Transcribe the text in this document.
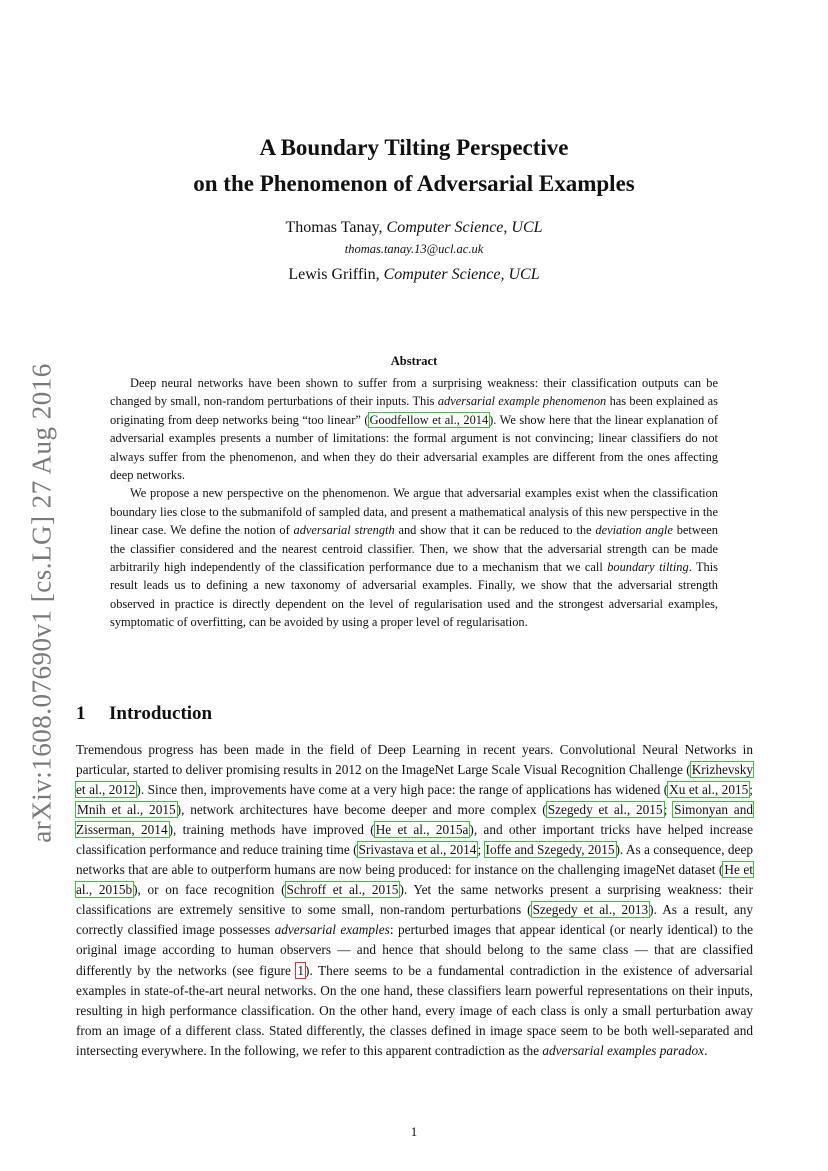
arXiv:1608.07690v1 [cs.LG] 27 Aug 2016
A Boundary Tilting Perspective
on the Phenomenon of Adversarial Examples
Thomas Tanay, Computer Science, UCL
thomas.tanay.13@ucl.ac.uk
Lewis Griffin, Computer Science, UCL
Abstract

Deep neural networks have been shown to suffer from a surprising weakness: their classification outputs can be changed by small, non-random perturbations of their inputs. This adversarial example phenomenon has been explained as originating from deep networks being “too linear” (Goodfellow et al., 2014). We show here that the linear explanation of adversarial examples presents a number of limitations: the formal argument is not convincing; linear classifiers do not always suffer from the phenomenon, and when they do their adversarial examples are different from the ones affecting deep networks.

We propose a new perspective on the phenomenon. We argue that adversarial examples exist when the classification boundary lies close to the submanifold of sampled data, and present a mathematical analysis of this new perspective in the linear case. We define the notion of adversarial strength and show that it can be reduced to the deviation angle between the classifier considered and the nearest centroid classifier. Then, we show that the adversarial strength can be made arbitrarily high independently of the classification performance due to a mechanism that we call boundary tilting. This result leads us to defining a new taxonomy of adversarial examples. Finally, we show that the adversarial strength observed in practice is directly dependent on the level of regularisation used and the strongest adversarial examples, symptomatic of overfitting, can be avoided by using a proper level of regularisation.

1 Introduction

Tremendous progress has been made in the field of Deep Learning in recent years. Convolutional Neural Networks in particular, started to deliver promising results in 2012 on the ImageNet Large Scale Visual Recognition Challenge (Krizhevsky et al., 2012). Since then, improvements have come at a very high pace: the range of applications has widened (Xu et al., 2015; Mnih et al., 2015), network architectures have become deeper and more complex (Szegedy et al., 2015; Simonyan and Zisserman, 2014), training methods have improved (He et al., 2015a), and other important tricks have helped increase classification performance and reduce training time (Srivastava et al., 2014; Ioffe and Szegedy, 2015). As a consequence, deep networks that are able to outperform humans are now being produced: for instance on the challenging imageNet dataset (He et al., 2015b), or on face recognition (Schroff et al., 2015). Yet the same networks present a surprising weakness: their classifications are extremely sensitive to some small, non-random perturbations (Szegedy et al., 2013). As a result, any correctly classified image possesses adversarial examples: perturbed images that appear identical (or nearly identical) to the original image according to human observers — and hence that should belong to the same class — that are classified differently by the networks (see figure 1). There seems to be a fundamental contradiction in the existence of adversarial examples in state-of-the-art neural networks. On the one hand, these classifiers learn powerful representations on their inputs, resulting in high performance classification. On the other hand, every image of each class is only a small perturbation away from an image of a different class. Stated differently, the classes defined in image space seem to be both well-separated and intersecting everywhere. In the following, we refer to this apparent contradiction as the adversarial examples paradox.

1
